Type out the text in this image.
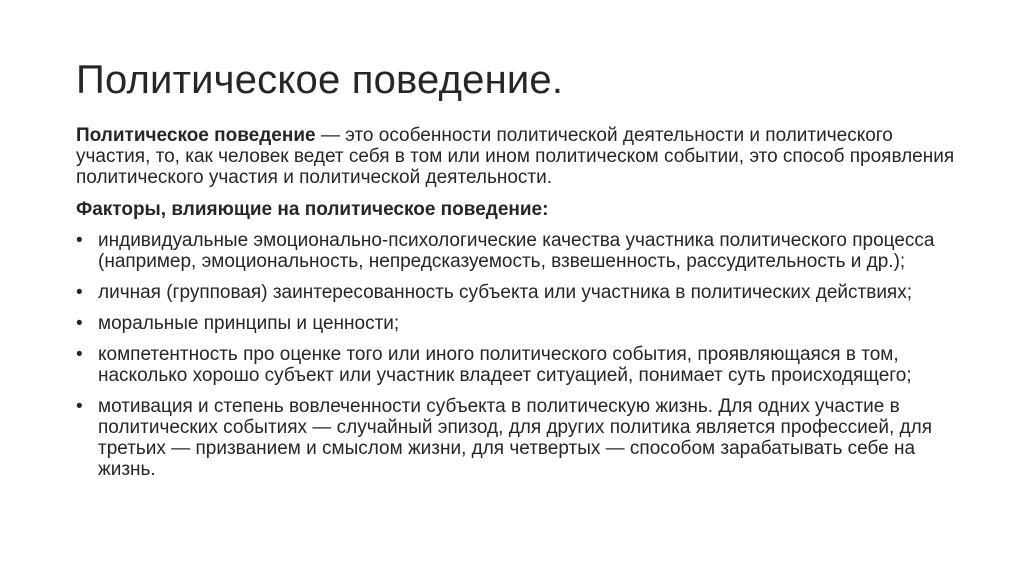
Политическое поведение.

Политическое поведение — это особенности политической деятельности и политического участия, то, как человек ведет себя в том или ином политическом событии, это способ проявления политического участия и политической деятельности.

Факторы, влияющие на политическое поведение:
• индивидуальные эмоционально-психологические качества участника политического процесса (например, эмоциональность, непредсказуемость, взвешенность, рассудительность и др.);
• личная (групповая) заинтересованность субъекта или участника в политических действиях;
• моральные принципы и ценности;
• компетентность про оценке того или иного политического события, проявляющаяся в том, насколько хорошо субъект или участник владеет ситуацией, понимает суть происходящего;
• мотивация и степень вовлеченности субъекта в политическую жизнь. Для одних участие в политических событиях — случайный эпизод, для других политика является профессией, для третьих — призванием и смыслом жизни, для четвертых — способом зарабатывать себе на жизнь.
